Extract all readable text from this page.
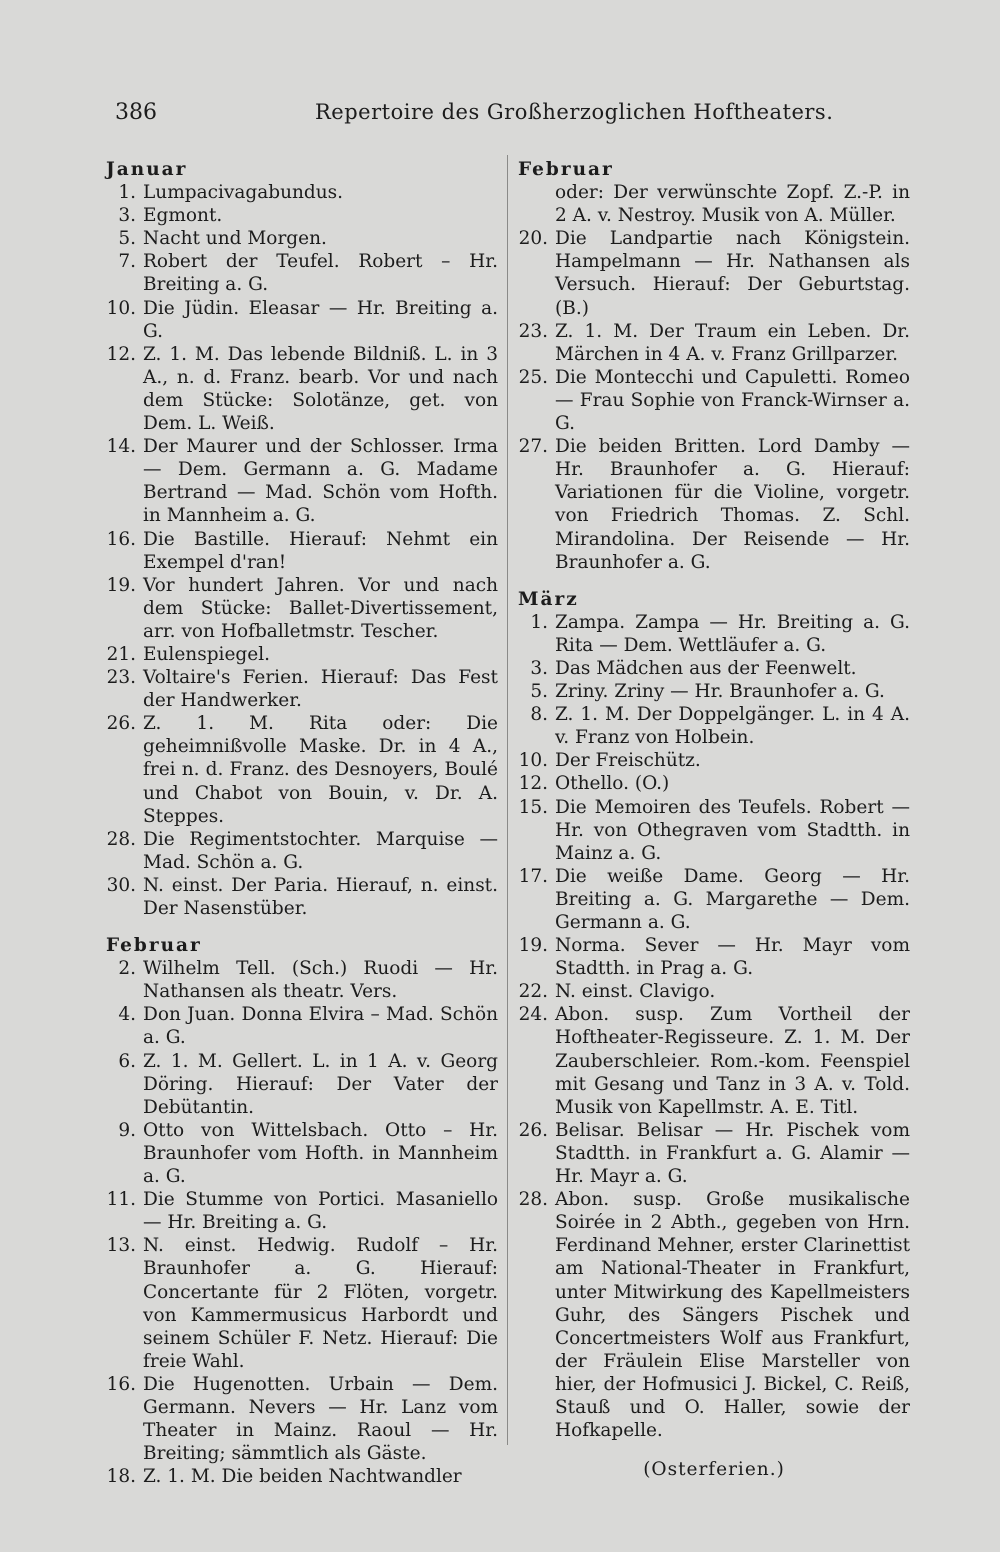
386	Repertoire des Großherzoglichen Hoftheaters.
Januar
1. Lumpacivagabundus.
3. Egmont.
5. Nacht und Morgen.
7. Robert der Teufel. Robert – Hr. Breiting a. G.
10. Die Jüdin. Eleasar — Hr. Breiting a. G.
12. Z. 1. M. Das lebende Bildniß. L. in 3 A., n. d. Franz. bearb. Vor und nach dem Stücke: Solotänze, get. von Dem. L. Weiß.
14. Der Maurer und der Schlosser. Irma — Dem. Germann a. G. Madame Bertrand — Mad. Schön vom Hofth. in Mannheim a. G.
16. Die Bastille. Hierauf: Nehmt ein Exempel d'ran!
19. Vor hundert Jahren. Vor und nach dem Stücke: Ballet-Divertissement, arr. von Hofballetmstr. Tescher.
21. Eulenspiegel.
23. Voltaire's Ferien. Hierauf: Das Fest der Handwerker.
26. Z. 1. M. Rita oder: Die geheimnißvolle Maske. Dr. in 4 A., frei n. d. Franz. des Desnoyers, Boulé und Chabot von Bouin, v. Dr. A. Steppes.
28. Die Regimentstochter. Marquise — Mad. Schön a. G.
30. N. einst. Der Paria. Hierauf, n. einst. Der Nasenstüber.
Februar
2. Wilhelm Tell. (Sch.) Ruodi — Hr. Nathansen als theatr. Vers.
4. Don Juan. Donna Elvira – Mad. Schön a. G.
6. Z. 1. M. Gellert. L. in 1 A. v. Georg Döring. Hierauf: Der Vater der Debütantin.
9. Otto von Wittelsbach. Otto – Hr. Braunhofer vom Hofth. in Mannheim a. G.
11. Die Stumme von Portici. Masaniello — Hr. Breiting a. G.
13. N. einst. Hedwig. Rudolf – Hr. Braunhofer a. G. Hierauf: Concertante für 2 Flöten, vorgetr. von Kammermusicus Harbordt und seinem Schüler F. Netz. Hierauf: Die freie Wahl.
16. Die Hugenotten. Urbain — Dem. Germann. Nevers — Hr. Lanz vom Theater in Mainz. Raoul — Hr. Breiting; sämmtlich als Gäste.
18. Z. 1. M. Die beiden Nachtwandler
Februar
oder: Der verwünschte Zopf. Z.-P. in 2 A. v. Nestroy. Musik von A. Müller.
20. Die Landpartie nach Königstein. Hampelmann — Hr. Nathansen als Versuch. Hierauf: Der Geburtstag. (B.)
23. Z. 1. M. Der Traum ein Leben. Dr. Märchen in 4 A. v. Franz Grillparzer.
25. Die Montecchi und Capuletti. Romeo — Frau Sophie von Franck-Wirnser a. G.
27. Die beiden Britten. Lord Damby — Hr. Braunhofer a. G. Hierauf: Variationen für die Violine, vorgetr. von Friedrich Thomas. Z. Schl. Mirandolina. Der Reisende — Hr. Braunhofer a. G.
März
1. Zampa. Zampa — Hr. Breiting a. G. Rita — Dem. Wettläufer a. G.
3. Das Mädchen aus der Feenwelt.
5. Zriny. Zriny — Hr. Braunhofer a. G.
8. Z. 1. M. Der Doppelgänger. L. in 4 A. v. Franz von Holbein.
10. Der Freischütz.
12. Othello. (O.)
15. Die Memoiren des Teufels. Robert — Hr. von Othegraven vom Stadtth. in Mainz a. G.
17. Die weiße Dame. Georg — Hr. Breiting a. G. Margarethe — Dem. Germann a. G.
19. Norma. Sever — Hr. Mayr vom Stadtth. in Prag a. G.
22. N. einst. Clavigo.
24. Abon. susp. Zum Vortheil der Hoftheater-Regisseure. Z. 1. M. Der Zauberschleier. Rom.-kom. Feenspiel mit Gesang und Tanz in 3 A. v. Told. Musik von Kapellmstr. A. E. Titl.
26. Belisar. Belisar — Hr. Pischek vom Stadtth. in Frankfurt a. G. Alamir — Hr. Mayr a. G.
28. Abon. susp. Große musikalische Soirée in 2 Abth., gegeben von Hrn. Ferdinand Mehner, erster Clarinettist am National-Theater in Frankfurt, unter Mitwirkung des Kapellmeisters Guhr, des Sängers Pischek und Concertmeisters Wolf aus Frankfurt, der Fräulein Elise Marsteller von hier, der Hofmusici J. Bickel, C. Reiß, Stauß und O. Haller, sowie der Hofkapelle.
(Osterferien.)
